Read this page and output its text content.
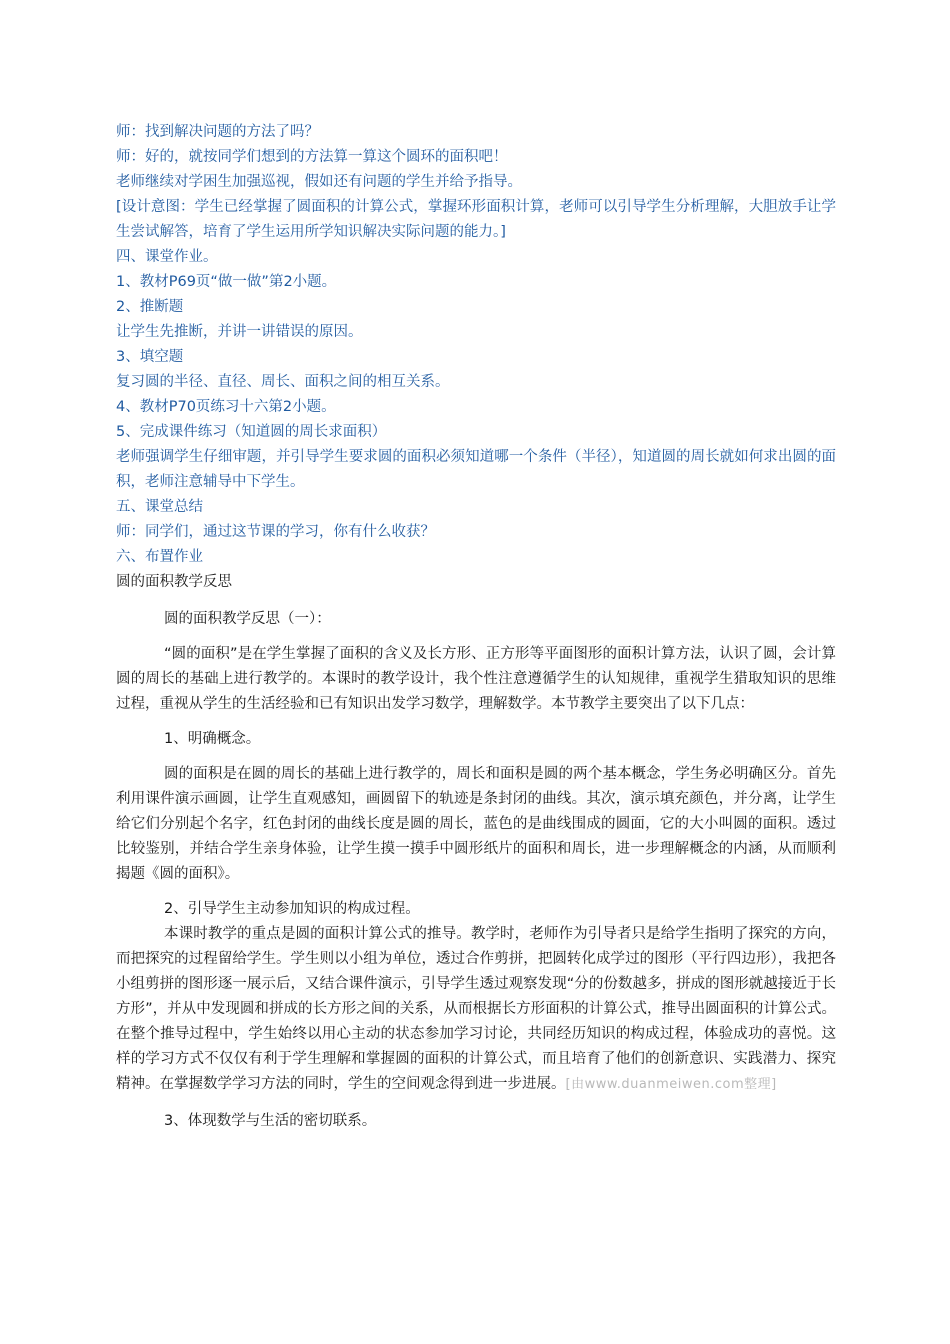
师：找到解决问题的方法了吗？

师：好的，就按同学们想到的方法算一算这个圆环的面积吧！

老师继续对学困生加强巡视，假如还有问题的学生并给予指导。

[设计意图：学生已经掌握了圆面积的计算公式，掌握环形面积计算，老师可以引导学生分析理解，大胆放手让学生尝试解答，培育了学生运用所学知识解决实际问题的能力。]

四、课堂作业。

1、教材P69页“做一做”第2小题。

2、推断题

让学生先推断，并讲一讲错误的原因。

3、填空题

复习圆的半径、直径、周长、面积之间的相互关系。

4、教材P70页练习十六第2小题。

5、完成课件练习（知道圆的周长求面积）

老师强调学生仔细审题，并引导学生要求圆的面积必须知道哪一个条件（半径），知道圆的周长就如何求出圆的面积，老师注意辅导中下学生。

五、课堂总结

师：同学们，通过这节课的学习，你有什么收获？

六、布置作业

圆的面积教学反思

圆的面积教学反思（一）：

“圆的面积”是在学生掌握了面积的含义及长方形、正方形等平面图形的面积计算方法，认识了圆，会计算圆的周长的基础上进行教学的。本课时的教学设计，我个性注意遵循学生的认知规律，重视学生猎取知识的思维过程，重视从学生的生活经验和已有知识出发学习数学，理解数学。本节教学主要突出了以下几点：

1、明确概念。

圆的面积是在圆的周长的基础上进行教学的，周长和面积是圆的两个基本概念，学生务必明确区分。首先利用课件演示画圆，让学生直观感知，画圆留下的轨迹是条封闭的曲线。其次，演示填充颜色，并分离，让学生给它们分别起个名字，红色封闭的曲线长度是圆的周长，蓝色的是曲线围成的圆面，它的大小叫圆的面积。透过比较鉴别，并结合学生亲身体验，让学生摸一摸手中圆形纸片的面积和周长，进一步理解概念的内涵，从而顺利揭题《圆的面积》。

2、引导学生主动参加知识的构成过程。

本课时教学的重点是圆的面积计算公式的推导。教学时，老师作为引导者只是给学生指明了探究的方向，而把探究的过程留给学生。学生则以小组为单位，透过合作剪拼，把圆转化成学过的图形（平行四边形），我把各小组剪拼的图形逐一展示后，又结合课件演示，引导学生透过观察发现“分的份数越多，拼成的图形就越接近于长方形”，并从中发现圆和拼成的长方形之间的关系，从而根据长方形面积的计算公式，推导出圆面积的计算公式。在整个推导过程中，学生始终以用心主动的状态参加学习讨论，共同经历知识的构成过程，体验成功的喜悦。这样的学习方式不仅仅有利于学生理解和掌握圆的面积的计算公式，而且培育了他们的创新意识、实践潜力、探究精神。在掌握数学学习方法的同时，学生的空间观念得到进一步进展。[由www.duanmeiwen.com整理]

3、体现数学与生活的密切联系。
